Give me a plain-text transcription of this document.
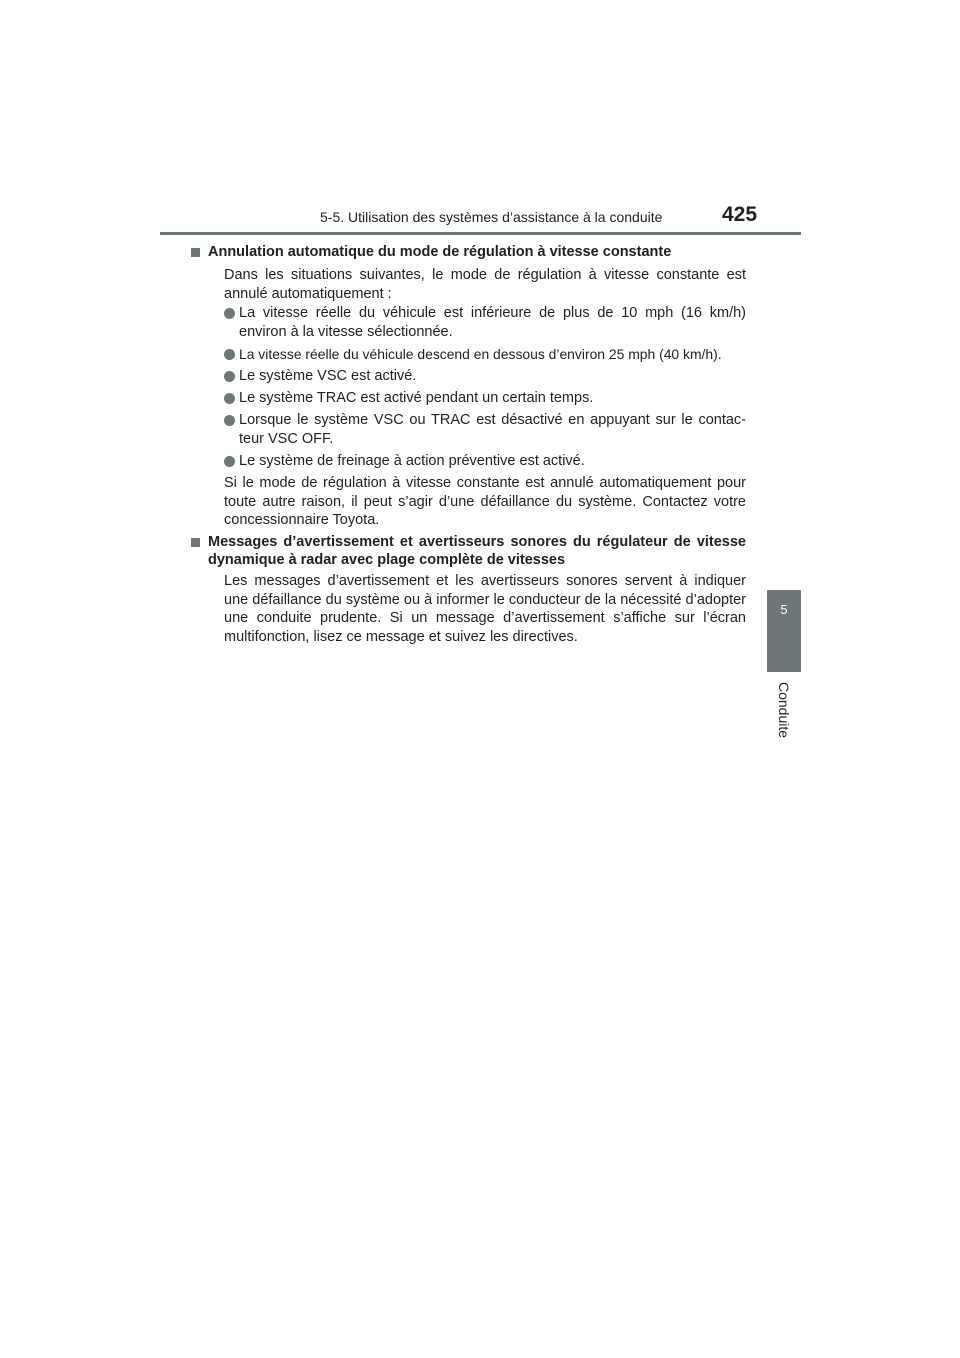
5-5. Utilisation des systèmes d’assistance à la conduite	425
5
Conduite
Annulation automatique du mode de régulation à vitesse constante
Dans les situations suivantes, le mode de régulation à vitesse constante est annulé automatiquement :
La vitesse réelle du véhicule est inférieure de plus de 10 mph (16 km/h) environ à la vitesse sélectionnée.
La vitesse réelle du véhicule descend en dessous d’environ 25 mph (40 km/h).
Le système VSC est activé.
Le système TRAC est activé pendant un certain temps.
Lorsque le système VSC ou TRAC est désactivé en appuyant sur le contac-teur VSC OFF.
Le système de freinage à action préventive est activé.
Si le mode de régulation à vitesse constante est annulé automatiquement pour toute autre raison, il peut s’agir d’une défaillance du système. Contactez votre concessionnaire Toyota.
Messages d’avertissement et avertisseurs sonores du régulateur de vitesse dynamique à radar avec plage complète de vitesses
Les messages d’avertissement et les avertisseurs sonores servent à indiquer une défaillance du système ou à informer le conducteur de la nécessité d’adopter une conduite prudente. Si un message d’avertissement s’affiche sur l’écran multifonction, lisez ce message et suivez les directives.
